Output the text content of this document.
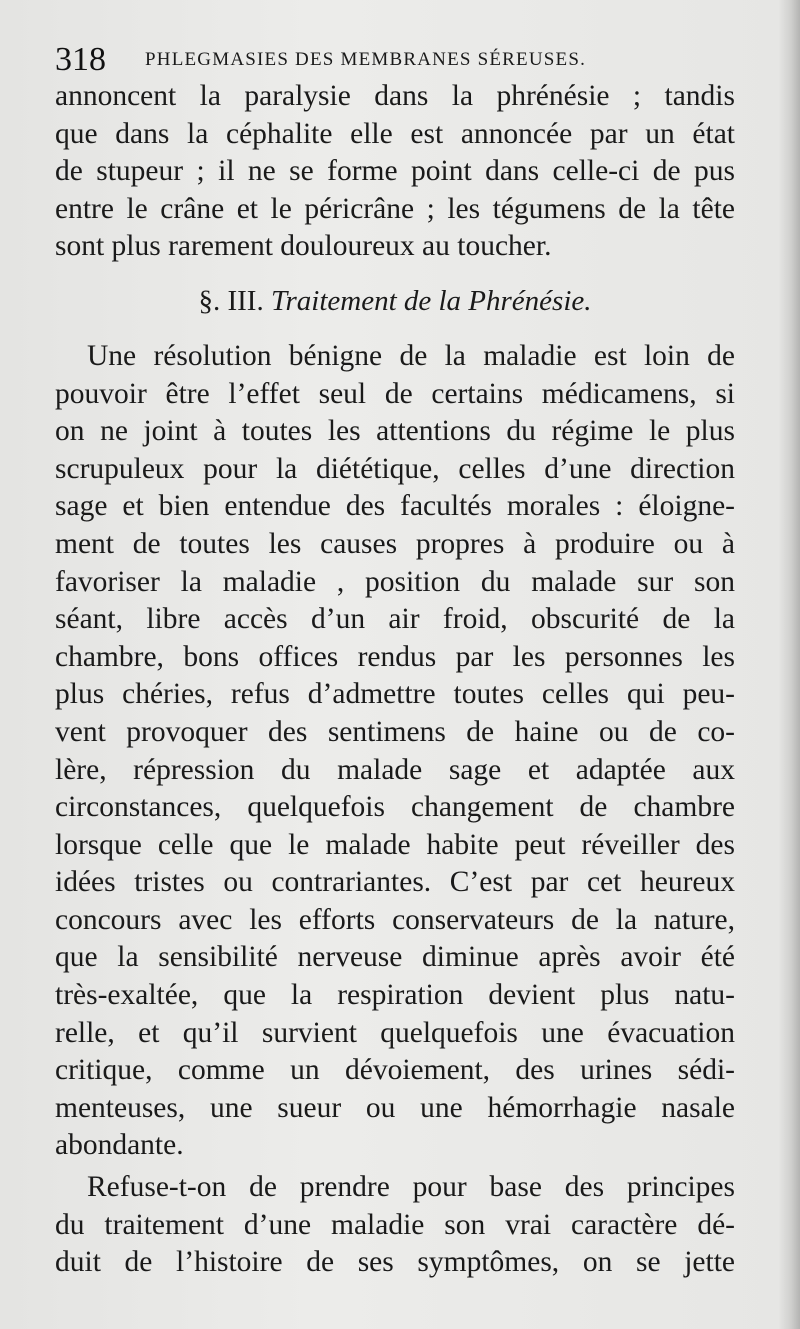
318 PHLEGMASIES DES MEMBRANES SÉREUSES.
annoncent la paralysie dans la phrénésie ; tandis
que dans la céphalite elle est annoncée par un état
de stupeur ; il ne se forme point dans celle-ci de pus
entre le crâne et le péricrâne ; les tégumens de la tête
sont plus rarement douloureux au toucher.
§. III. Traitement de la Phrénésie.
Une résolution bénigne de la maladie est loin de
pouvoir être l’effet seul de certains médicamens, si
on ne joint à toutes les attentions du régime le plus
scrupuleux pour la diététique, celles d’une direction
sage et bien entendue des facultés morales : éloigne-
ment de toutes les causes propres à produire ou à
favoriser la maladie , position du malade sur son
séant, libre accès d’un air froid, obscurité de la
chambre, bons offices rendus par les personnes les
plus chéries, refus d’admettre toutes celles qui peu-
vent provoquer des sentimens de haine ou de co-
lère, répression du malade sage et adaptée aux
circonstances, quelquefois changement de chambre
lorsque celle que le malade habite peut réveiller des
idées tristes ou contrariantes. C’est par cet heureux
concours avec les efforts conservateurs de la nature,
que la sensibilité nerveuse diminue après avoir été
très-exaltée, que la respiration devient plus natu-
relle, et qu’il survient quelquefois une évacuation
critique, comme un dévoiement, des urines sédi-
menteuses, une sueur ou une hémorrhagie nasale
abondante.
Refuse-t-on de prendre pour base des principes
du traitement d’une maladie son vrai caractère dé-
duit de l’histoire de ses symptômes, on se jette
